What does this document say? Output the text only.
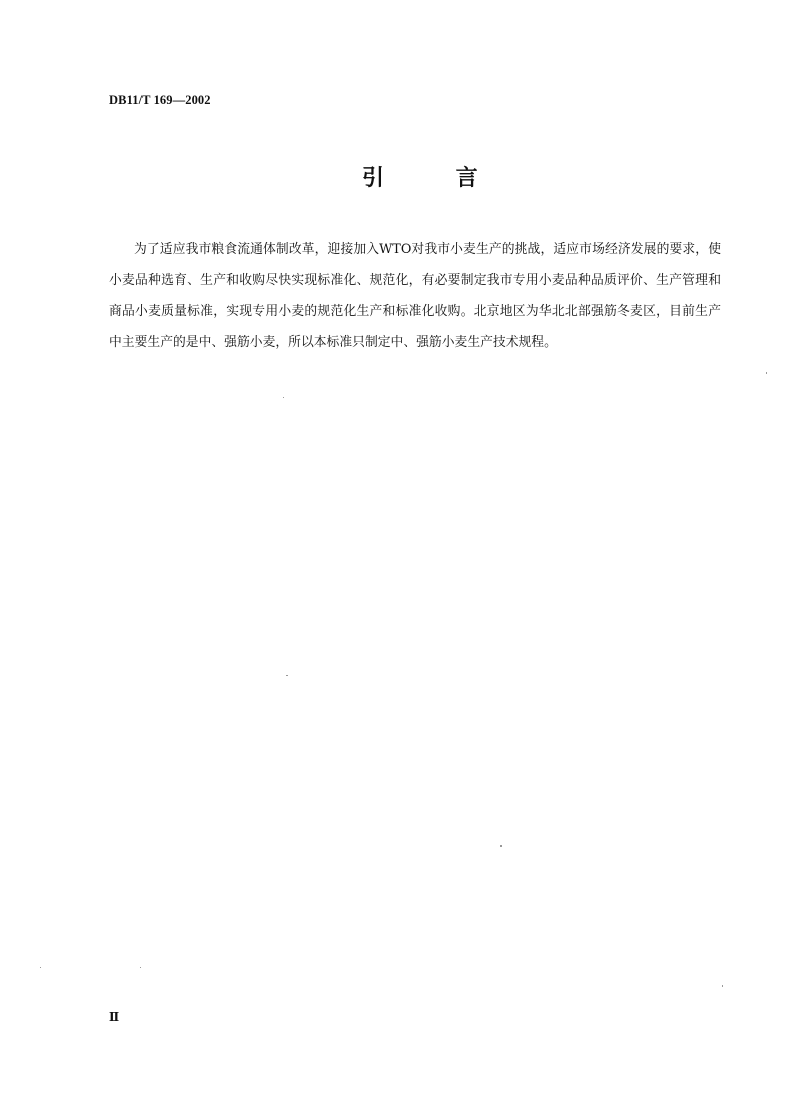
DB11/T 169—2002
引 言

为了适应我市粮食流通体制改革，迎接加入WTO对我市小麦生产的挑战，适应市场经济发展的要求，使小麦品种选育、生产和收购尽快实现标准化、规范化，有必要制定我市专用小麦品种品质评价、生产管理和商品小麦质量标准，实现专用小麦的规范化生产和标准化收购。北京地区为华北北部强筋冬麦区，目前生产中主要生产的是中、强筋小麦，所以本标准只制定中、强筋小麦生产技术规程。

Ⅱ
